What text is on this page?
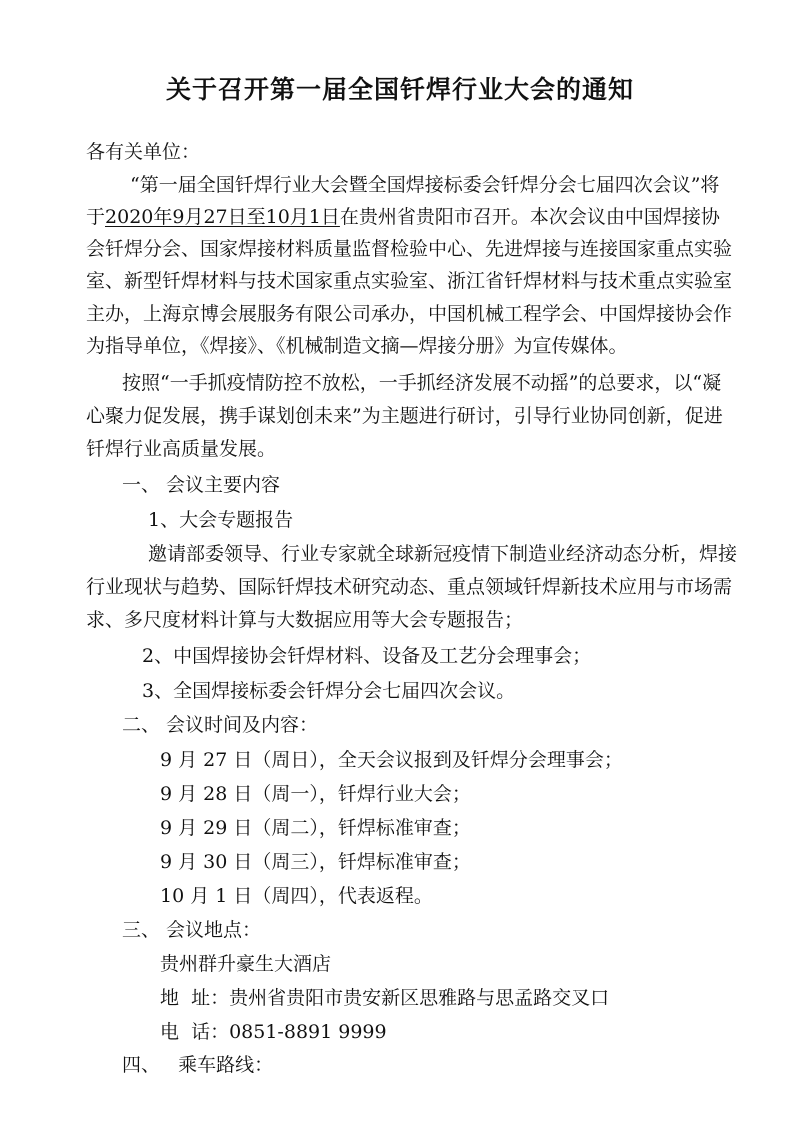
关于召开第一届全国钎焊行业大会的通知
各有关单位：
“第一届全国钎焊行业大会暨全国焊接标委会钎焊分会七届四次会议”将
于2020年9月27日至10月1日在贵州省贵阳市召开。本次会议由中国焊接协
会钎焊分会、国家焊接材料质量监督检验中心、先进焊接与连接国家重点实验
室、新型钎焊材料与技术国家重点实验室、浙江省钎焊材料与技术重点实验室
主办，上海京博会展服务有限公司承办，中国机械工程学会、中国焊接协会作
为指导单位，《焊接》、《机械制造文摘—焊接分册》为宣传媒体。
按照“一手抓疫情防控不放松，一手抓经济发展不动摇”的总要求，以“凝
心聚力促发展，携手谋划创未来”为主题进行研讨，引导行业协同创新，促进
钎焊行业高质量发展。
一、 会议主要内容
1、大会专题报告
邀请部委领导、行业专家就全球新冠疫情下制造业经济动态分析，焊接
行业现状与趋势、国际钎焊技术研究动态、重点领域钎焊新技术应用与市场需
求、多尺度材料计算与大数据应用等大会专题报告；
2、中国焊接协会钎焊材料、设备及工艺分会理事会；
3、全国焊接标委会钎焊分会七届四次会议。
二、 会议时间及内容：
9 月 27 日（周日），全天会议报到及钎焊分会理事会；
9 月 28 日（周一），钎焊行业大会；
9 月 29 日（周二），钎焊标准审查；
9 月 30 日（周三），钎焊标准审查；
10 月 1 日（周四），代表返程。
三、 会议地点：
贵州群升豪生大酒店
地  址：贵州省贵阳市贵安新区思雅路与思孟路交叉口
电  话：0851-8891 9999
四、   乘车路线：
